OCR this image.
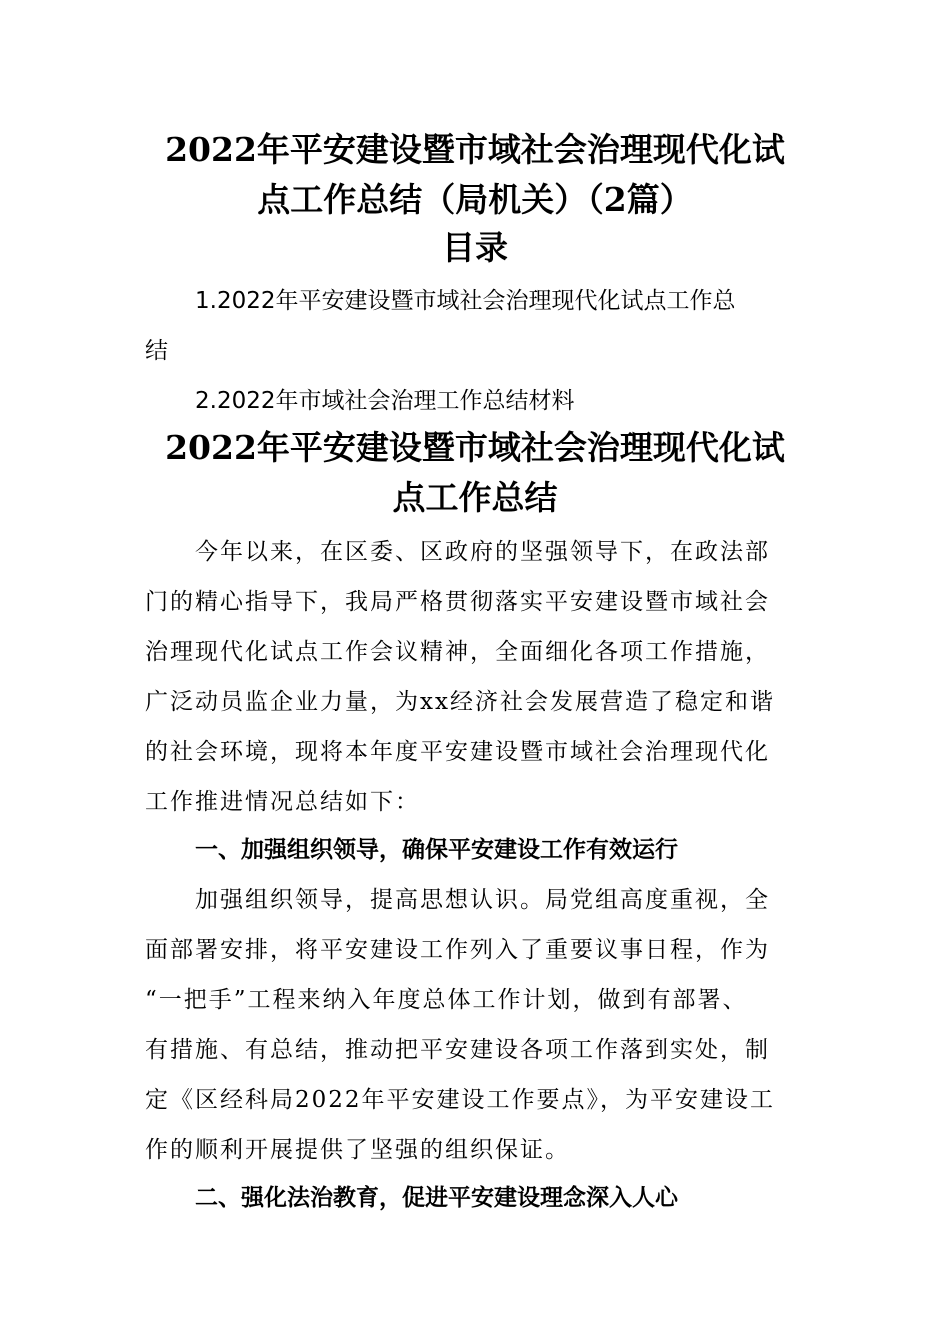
2022年平安建设暨市域社会治理现代化试
点工作总结（局机关）（2篇）
目录
1.2022年平安建设暨市域社会治理现代化试点工作总
结
2.2022年市域社会治理工作总结材料
2022年平安建设暨市域社会治理现代化试
点工作总结
今年以来，在区委、区政府的坚强领导下，在政法部
门的精心指导下，我局严格贯彻落实平安建设暨市域社会
治理现代化试点工作会议精神，全面细化各项工作措施，
广泛动员监企业力量，为xx经济社会发展营造了稳定和谐
的社会环境，现将本年度平安建设暨市域社会治理现代化
工作推进情况总结如下：
一、加强组织领导，确保平安建设工作有效运行
加强组织领导，提高思想认识。局党组高度重视，全
面部署安排，将平安建设工作列入了重要议事日程，作为
“一把手”工程来纳入年度总体工作计划，做到有部署、
有措施、有总结，推动把平安建设各项工作落到实处，制
定《区经科局2022年平安建设工作要点》，为平安建设工
作的顺利开展提供了坚强的组织保证。
二、强化法治教育，促进平安建设理念深入人心
